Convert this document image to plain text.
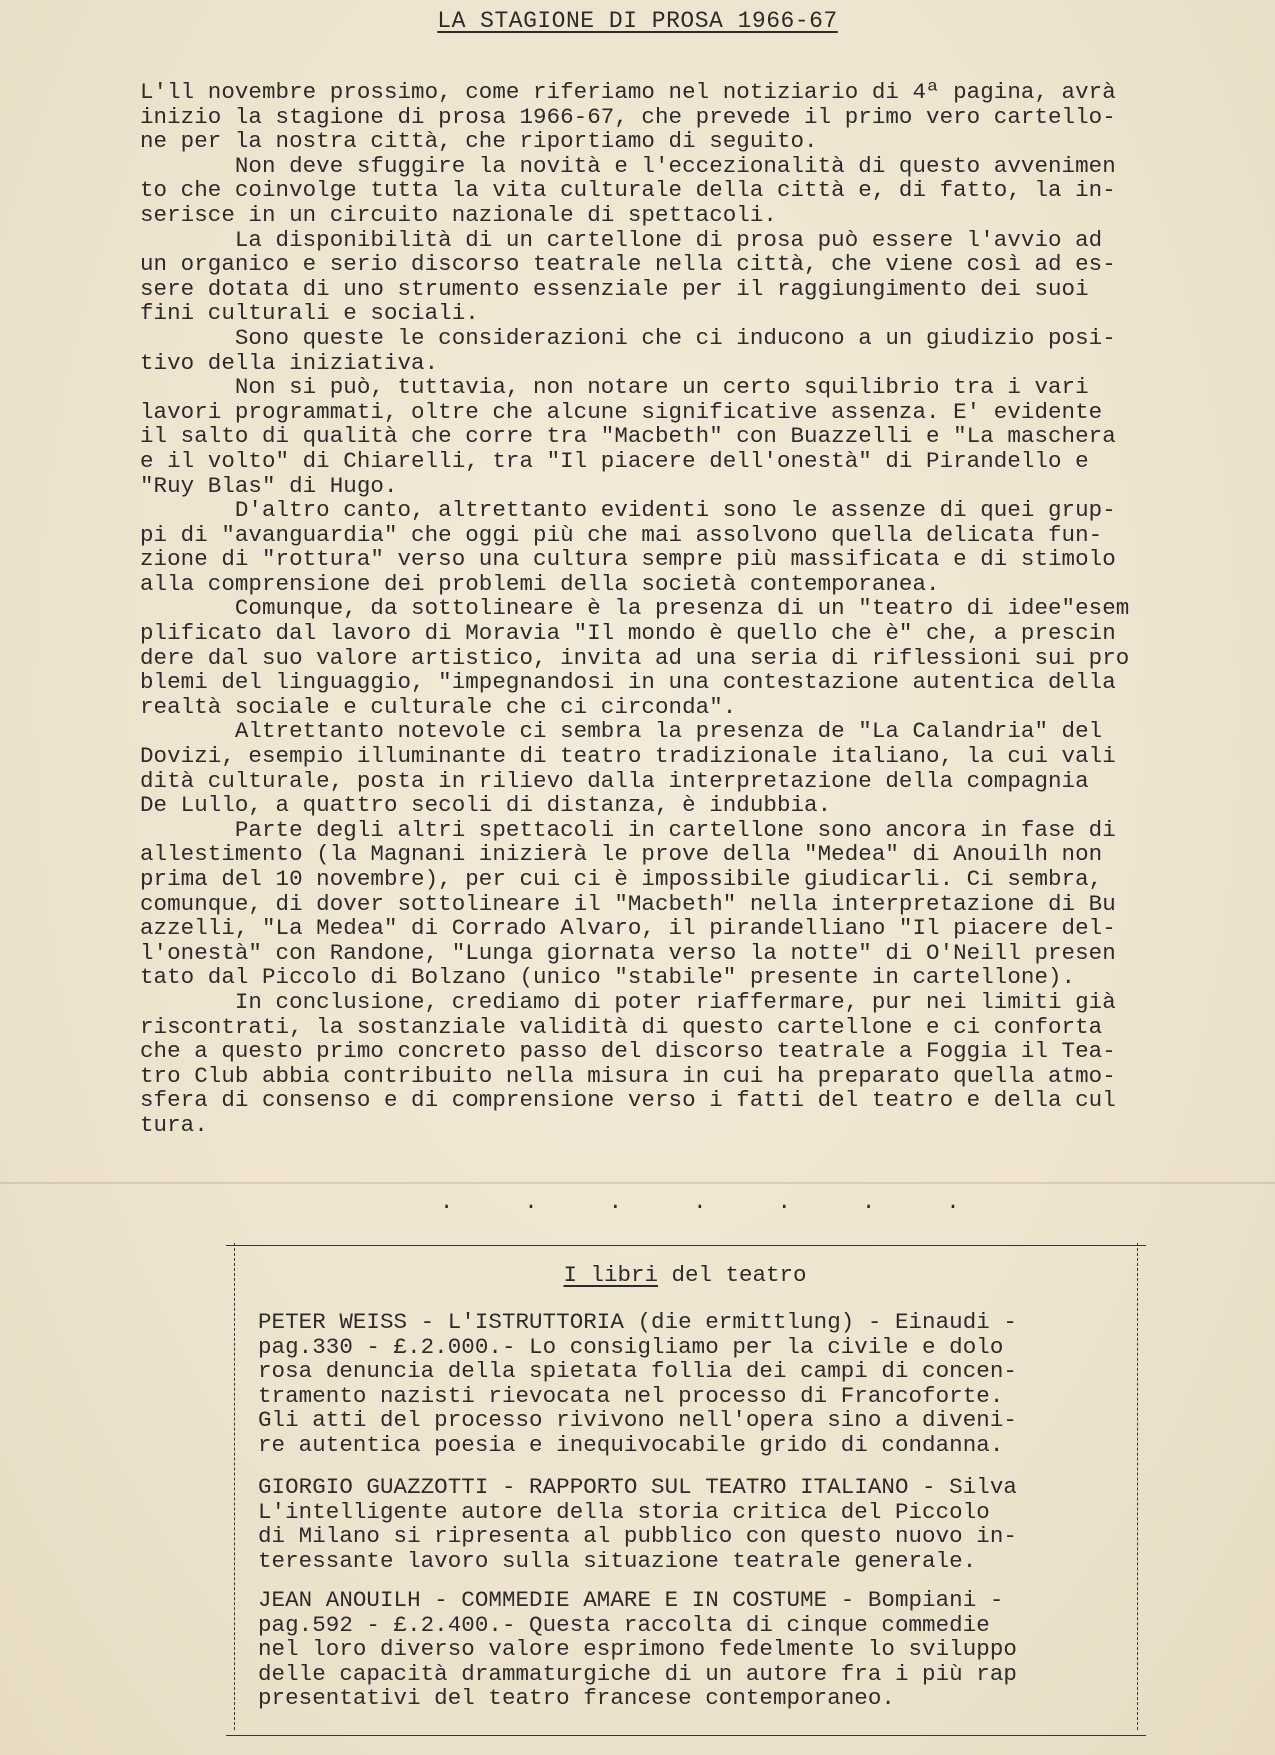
LA STAGIONE DI PROSA 1966-67
L'll novembre prossimo, come riferiamo nel notiziario di 4ª pagina, avrà
inizio la stagione di prosa 1966-67, che prevede il primo vero cartello-
ne per la nostra città, che riportiamo di seguito.
Non deve sfuggire la novità e l'eccezionalità di questo avvenimen
to che coinvolge tutta la vita culturale della città e, di fatto, la in-
serisce in un circuito nazionale di spettacoli.
La disponibilità di un cartellone di prosa può essere l'avvio ad
un organico e serio discorso teatrale nella città, che viene così ad es-
sere dotata di uno strumento essenziale per il raggiungimento dei suoi
fini culturali e sociali.
Sono queste le considerazioni che ci inducono a un giudizio posi-
tivo della iniziativa.
Non si può, tuttavia, non notare un certo squilibrio tra i vari
lavori programmati, oltre che alcune significative assenza. E' evidente
il salto di qualità che corre tra "Macbeth" con Buazzelli e "La maschera
e il volto" di Chiarelli, tra "Il piacere dell'onestà" di Pirandello e
"Ruy Blas" di Hugo.
D'altro canto, altrettanto evidenti sono le assenze di quei grup-
pi di "avanguardia" che oggi più che mai assolvono quella delicata fun-
zione di "rottura" verso una cultura sempre più massificata e di stimolo
alla comprensione dei problemi della società contemporanea.
Comunque, da sottolineare è la presenza di un "teatro di idee"esem
plificato dal lavoro di Moravia "Il mondo è quello che è" che, a prescin
dere dal suo valore artistico, invita ad una seria di riflessioni sui pro
blemi del linguaggio, "impegnandosi in una contestazione autentica della
realtà sociale e culturale che ci circonda".
Altrettanto notevole ci sembra la presenza de "La Calandria" del
Dovizi, esempio illuminante di teatro tradizionale italiano, la cui vali
dità culturale, posta in rilievo dalla interpretazione della compagnia
De Lullo, a quattro secoli di distanza, è indubbia.
Parte degli altri spettacoli in cartellone sono ancora in fase di
allestimento (la Magnani inizierà le prove della "Medea" di Anouilh non
prima del 10 novembre), per cui ci è impossibile giudicarli. Ci sembra,
comunque, di dover sottolineare il "Macbeth" nella interpretazione di Bu
azzelli, "La Medea" di Corrado Alvaro, il pirandelliano "Il piacere del-
l'onestà" con Randone, "Lunga giornata verso la notte" di O'Neill presen
tato dal Piccolo di Bolzano (unico "stabile" presente in cartellone).
In conclusione, crediamo di poter riaffermare, pur nei limiti già
riscontrati, la sostanziale validità di questo cartellone e ci conforta
che a questo primo concreto passo del discorso teatrale a Foggia il Tea-
tro Club abbia contribuito nella misura in cui ha preparato quella atmo-
sfera di consenso e di comprensione verso i fatti del teatro e della cul
tura.
. . . . . . .
I libri del teatro
PETER WEISS - L'ISTRUTTORIA (die ermittlung) - Einaudi -
pag.330 - £.2.000.- Lo consigliamo per la civile e dolo
rosa denuncia della spietata follia dei campi di concen-
tramento nazisti rievocata nel processo di Francoforte.
Gli atti del processo rivivono nell'opera sino a diveni-
re autentica poesia e inequivocabile grido di condanna.
GIORGIO GUAZZOTTI - RAPPORTO SUL TEATRO ITALIANO - Silva
L'intelligente autore della storia critica del Piccolo
di Milano si ripresenta al pubblico con questo nuovo in-
teressante lavoro sulla situazione teatrale generale.
JEAN ANOUILH - COMMEDIE AMARE E IN COSTUME - Bompiani -
pag.592 - £.2.400.- Questa raccolta di cinque commedie
nel loro diverso valore esprimono fedelmente lo sviluppo
delle capacità drammaturgiche di un autore fra i più rap
presentativi del teatro francese contemporaneo.
